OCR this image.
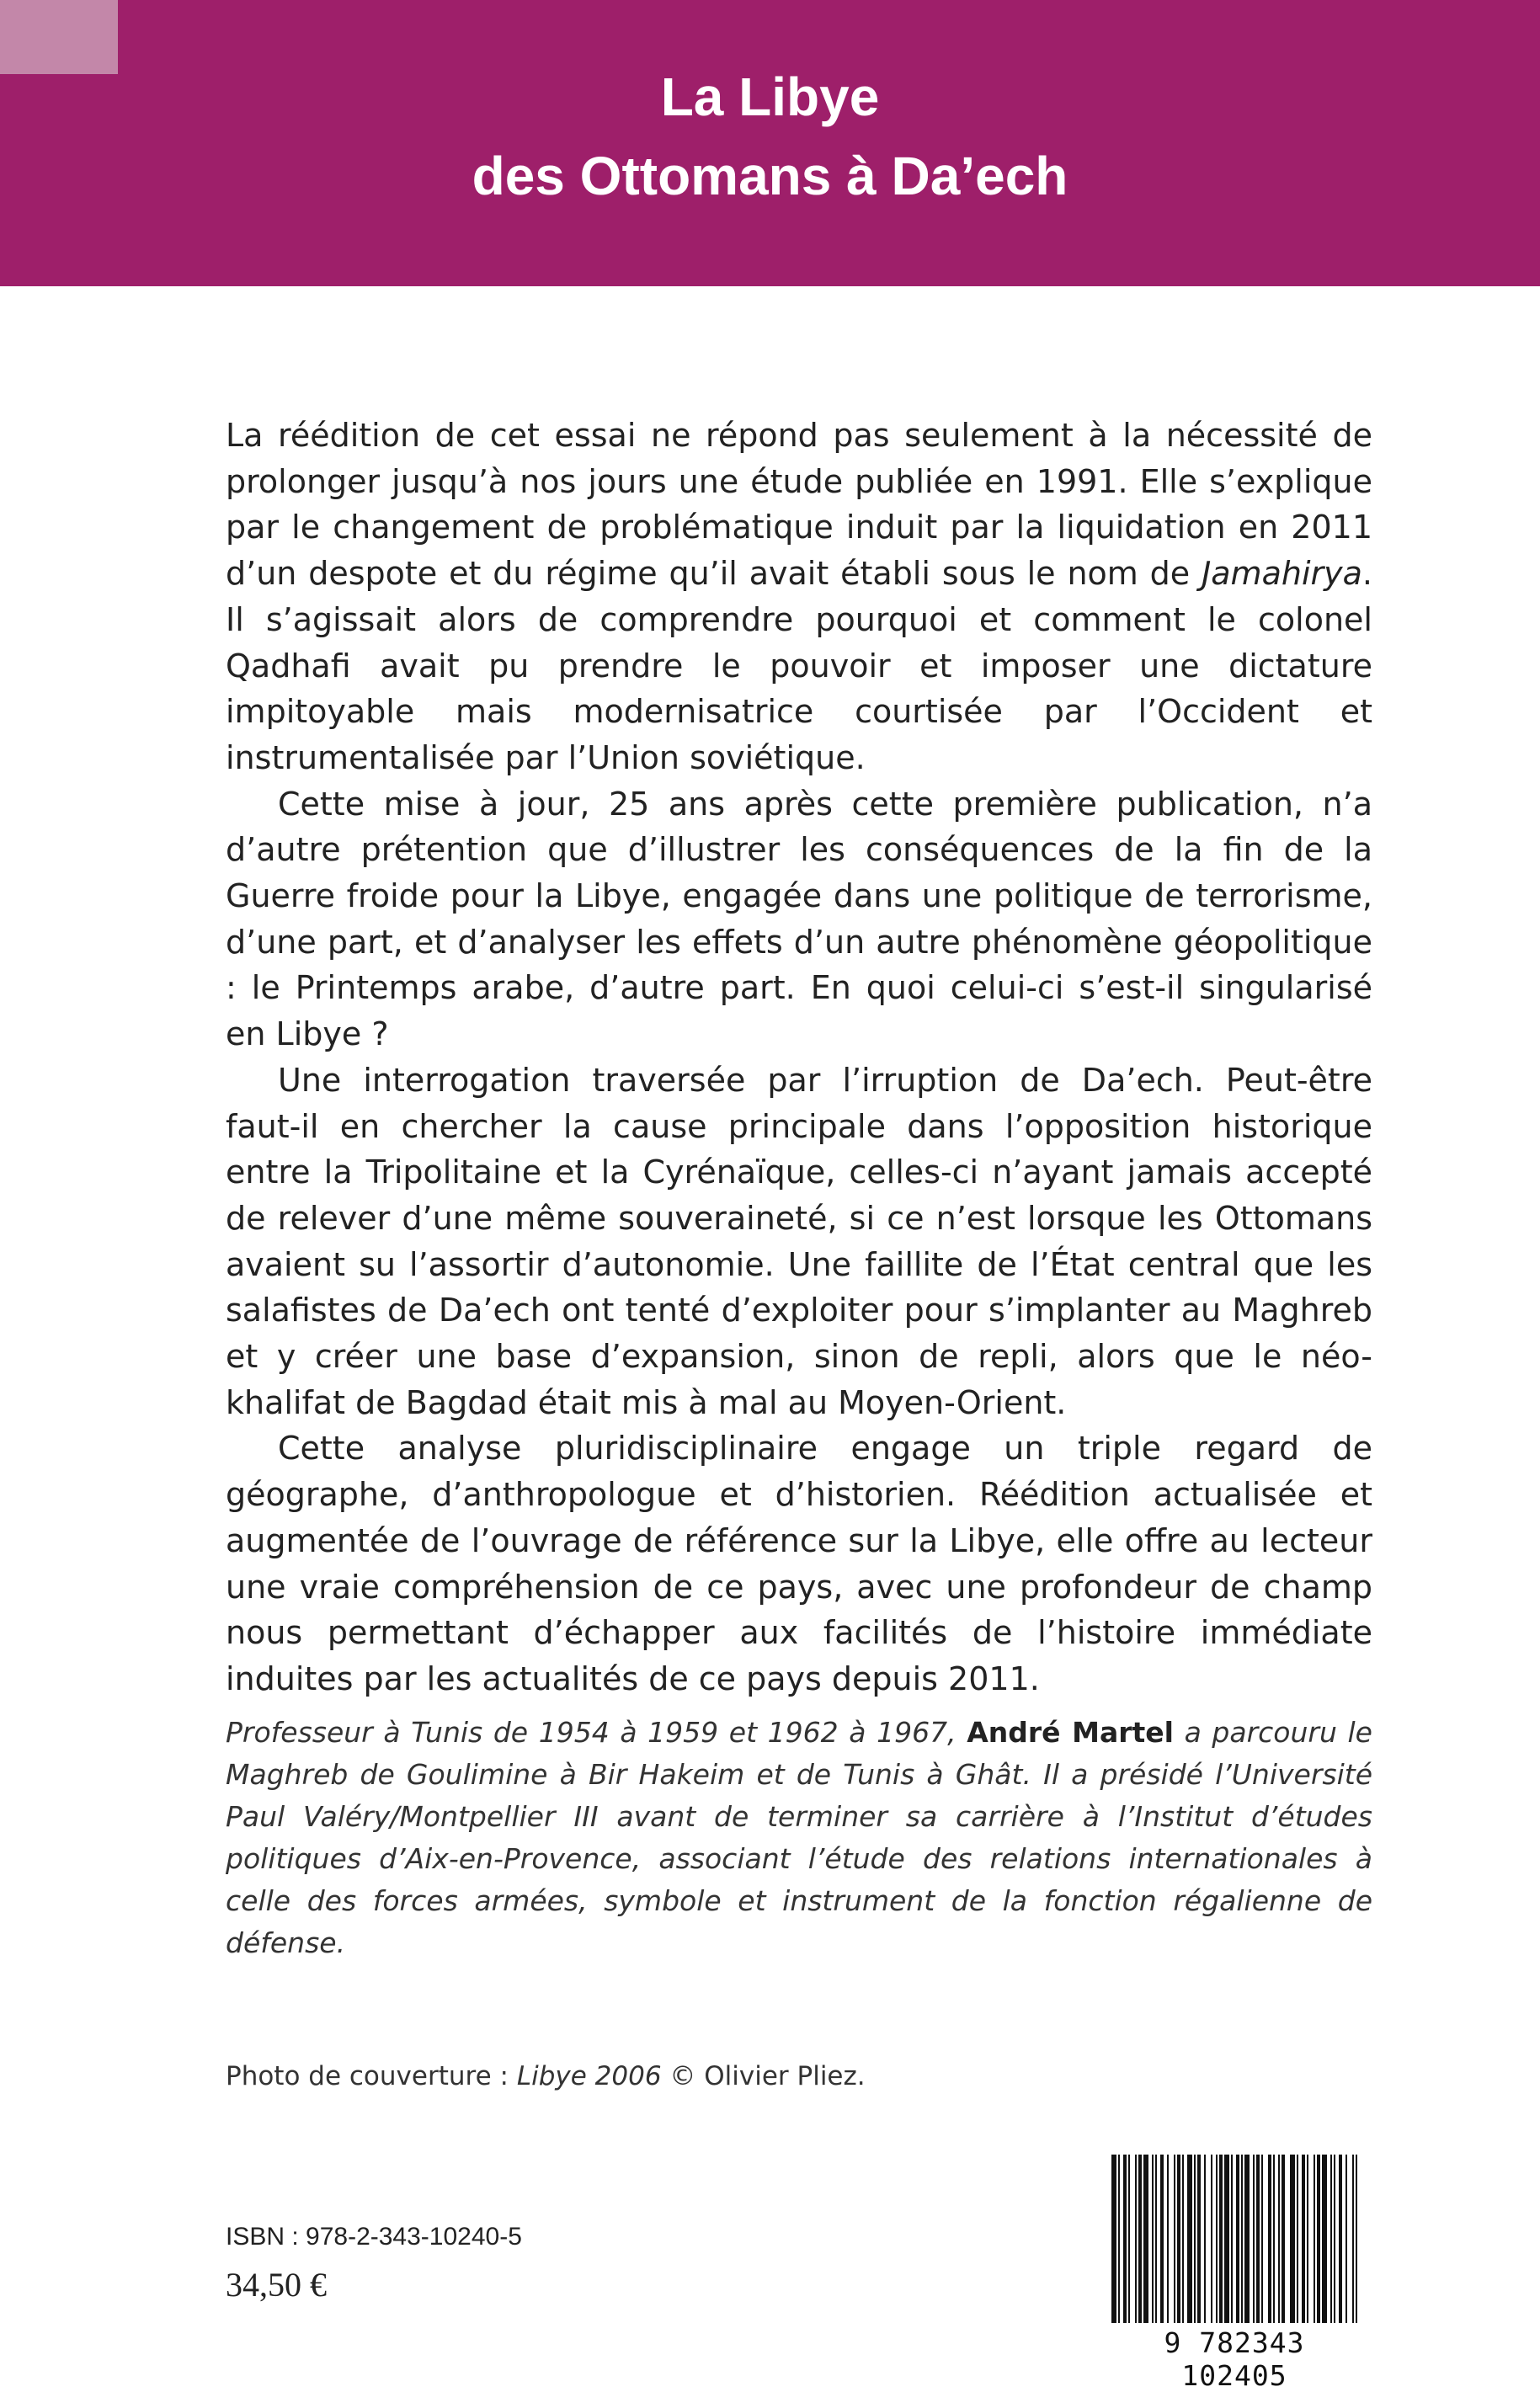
La Libye
des Ottomans à Da’ech

La réédition de cet essai ne répond pas seulement à la nécessité de prolonger jusqu’à nos jours une étude publiée en 1991. Elle s’explique par le changement de problématique induit par la liquidation en 2011 d’un despote et du régime qu’il avait établi sous le nom de Jamahirya. Il s’agissait alors de comprendre pourquoi et comment le colonel Qadhafi avait pu prendre le pouvoir et imposer une dictature impitoyable mais modernisatrice courtisée par l’Occident et instrumentalisée par l’Union soviétique.

Cette mise à jour, 25 ans après cette première publication, n’a d’autre prétention que d’illustrer les conséquences de la fin de la Guerre froide pour la Libye, engagée dans une politique de terrorisme, d’une part, et d’analyser les effets d’un autre phénomène géopolitique : le Printemps arabe, d’autre part. En quoi celui-ci s’est-il singularisé en Libye ?

Une interrogation traversée par l’irruption de Da’ech. Peut-être faut-il en chercher la cause principale dans l’opposition historique entre la Tripolitaine et la Cyrénaïque, celles-ci n’ayant jamais accepté de relever d’une même souveraineté, si ce n’est lorsque les Ottomans avaient su l’assortir d’autonomie. Une faillite de l’État central que les salafistes de Da’ech ont tenté d’exploiter pour s’implanter au Maghreb et y créer une base d’expansion, sinon de repli, alors que le néo-khalifat de Bagdad était mis à mal au Moyen-Orient.

Cette analyse pluridisciplinaire engage un triple regard de géographe, d’anthropologue et d’historien. Réédition actualisée et augmentée de l’ouvrage de référence sur la Libye, elle offre au lecteur une vraie compréhension de ce pays, avec une profondeur de champ nous permettant d’échapper aux facilités de l’histoire immédiate induites par les actualités de ce pays depuis 2011.

Professeur à Tunis de 1954 à 1959 et 1962 à 1967, André Martel a parcouru le Maghreb de Goulimine à Bir Hakeim et de Tunis à Ghât. Il a présidé l’Université Paul Valéry/Montpellier III avant de terminer sa carrière à l’Institut d’études politiques d’Aix-en-Provence, associant l’étude des relations internationales à celle des forces armées, symbole et instrument de la fonction régalienne de défense.

Photo de couverture : Libye 2006 © Olivier Pliez.
ISBN : 978-2-343-10240-5
34,50 €
9 782343 102405
